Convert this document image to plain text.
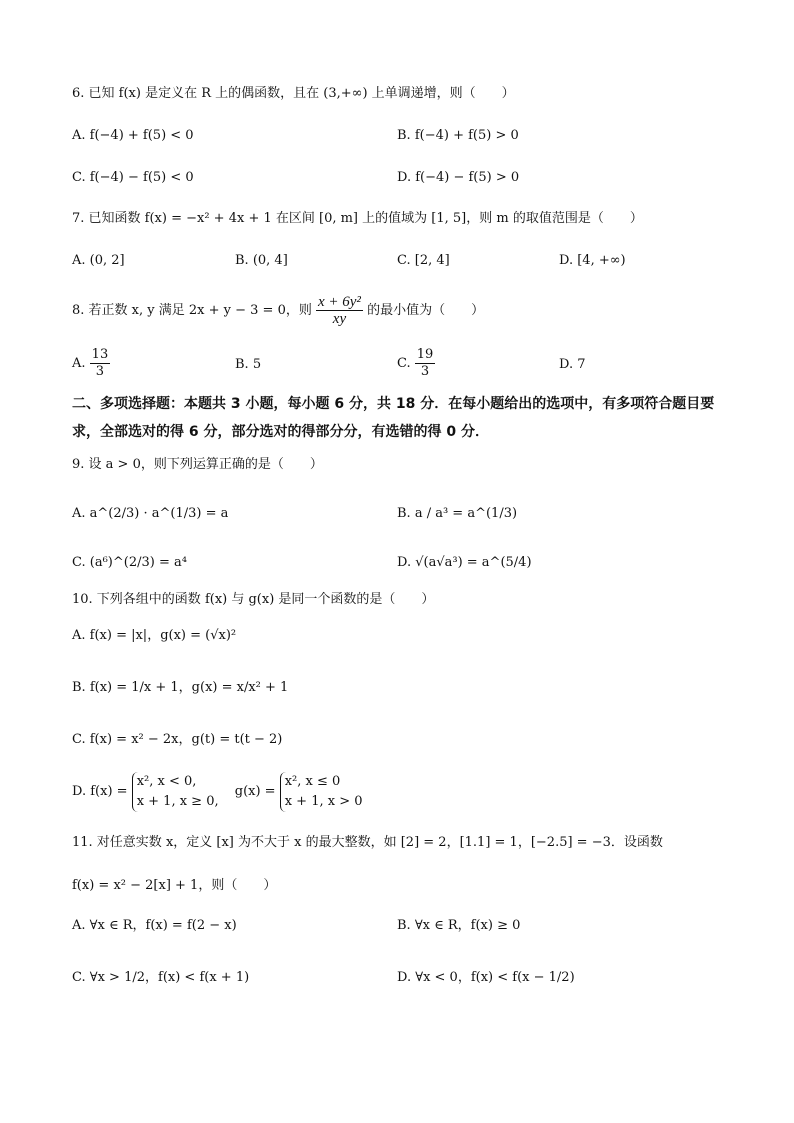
6. 已知 f(x) 是定义在 R 上的偶函数，且在 (3,+∞) 上单调递增，则（　　）
A. f(−4) + f(5) < 0	B. f(−4) + f(5) > 0
C. f(−4) − f(5) < 0	D. f(−4) − f(5) > 0
7. 已知函数 f(x) = −x² + 4x + 1 在区间 [0, m] 上的值域为 [1, 5]，则 m 的取值范围是（　　）
A. (0, 2]	B. (0, 4]	C. [2, 4]	D. [4, +∞)
8. 若正数 x, y 满足 2x + y − 3 = 0，则 $\frac{\text{x + 6y²}}{xy}$ 的最小值为（　　）
A. $\frac{13}{3}$	B. 5	C. $\frac{19}{3}$	D. 7
二、多项选择题：本题共 3 小题，每小题 6 分，共 18 分．在每小题给出的选项中，有多项符合题目要求，全部选对的得 6 分，部分选对的得部分分，有选错的得 0 分．
9. 设 a > 0，则下列运算正确的是（　　）
A. a^(2/3) · a^(1/3) = a	B. a / a³ = a^(1/3)
C. (a⁶)^(2/3) = a⁴	D. √(a√a³) = a^(5/4)
10. 下列各组中的函数 f(x) 与 g(x) 是同一个函数的是（　　）
A. f(x) = |x|，g(x) = (√x)²
B. f(x) = 1/x + 1，g(x) = x/x² + 1
C. f(x) = x² − 2x，g(t) = t(t − 2)
D. f(x) =
x², x < 0,
x + 1, x ≥ 0,
g(x) =
x², x ≤ 0
x + 1, x > 0
11. 对任意实数 x，定义 [x] 为不大于 x 的最大整数，如 [2] = 2，[1.1] = 1，[−2.5] = −3．设函数
f(x) = x² − 2[x] + 1，则（　　）
A. ∀x ∈ R，f(x) = f(2 − x)	B. ∀x ∈ R，f(x) ≥ 0
C. ∀x > 1/2，f(x) < f(x + 1)	D. ∀x < 0，f(x) < f(x − 1/2)
